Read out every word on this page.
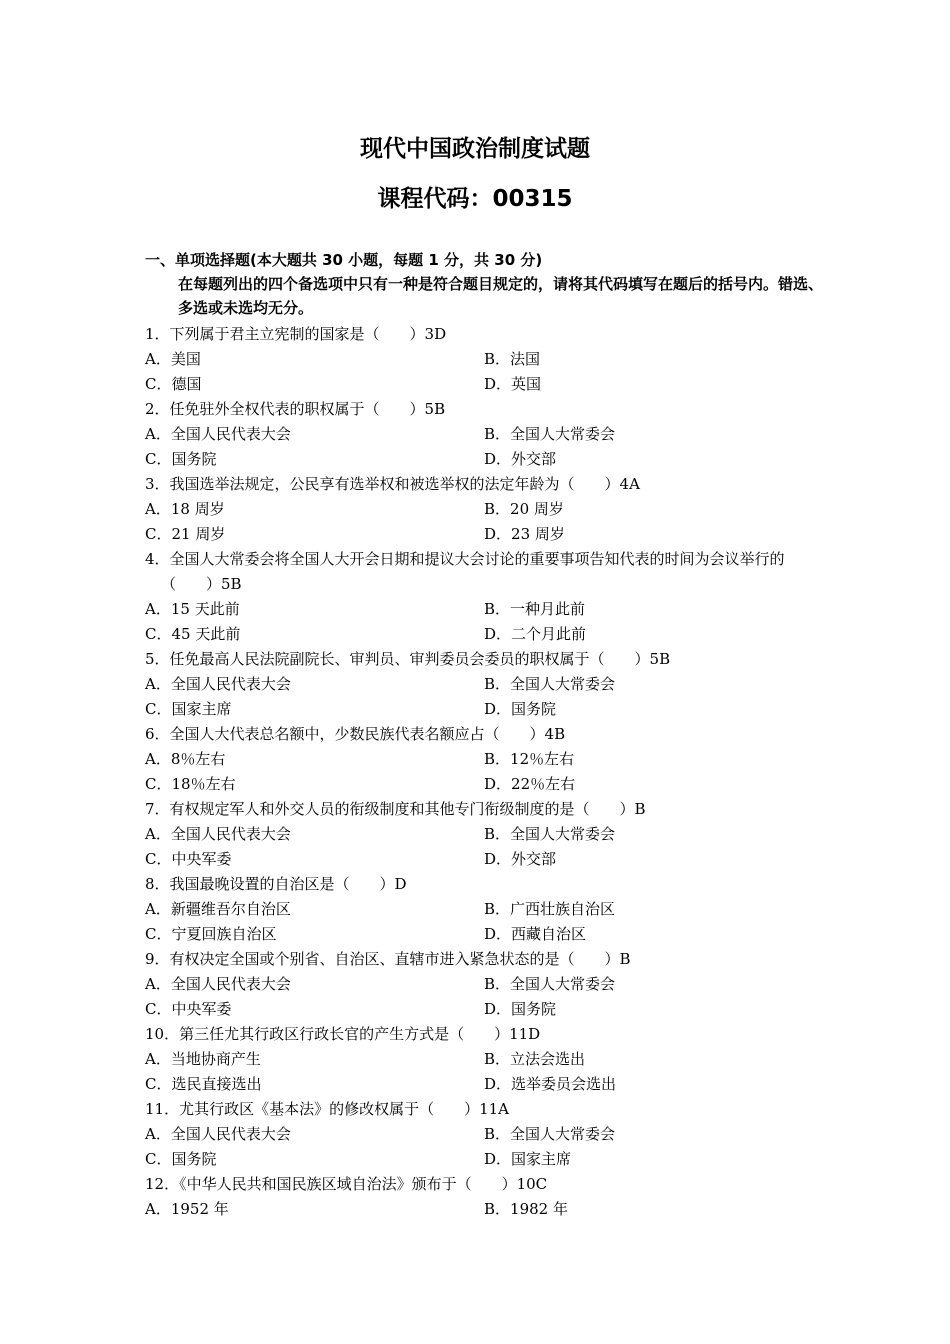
现代中国政治制度试题
课程代码：00315
一、单项选择题(本大题共 30 小题，每题 1 分，共 30 分)
在每题列出的四个备选项中只有一种是符合题目规定的，请将其代码填写在题后的括号内。错选、多选或未选均无分。
1．下列属于君主立宪制的国家是（　　）3D
A．美国	B．法国
C．德国	D．英国
2．任免驻外全权代表的职权属于（　　）5B
A．全国人民代表大会	B．全国人大常委会
C．国务院	D．外交部
3．我国选举法规定，公民享有选举权和被选举权的法定年龄为（　　）4A
A．18 周岁	B．20 周岁
C．21 周岁	D．23 周岁
4．全国人大常委会将全国人大开会日期和提议大会讨论的重要事项告知代表的时间为会议举行的（　　）5B
A．15 天此前	B．一种月此前
C．45 天此前	D．二个月此前
5．任免最高人民法院副院长、审判员、审判委员会委员的职权属于（　　）5B
A．全国人民代表大会	B．全国人大常委会
C．国家主席	D．国务院
6．全国人大代表总名额中，少数民族代表名额应占（　　）4B
A．8％左右	B．12％左右
C．18％左右	D．22％左右
7．有权规定军人和外交人员的衔级制度和其他专门衔级制度的是（　　）B
A．全国人民代表大会	B．全国人大常委会
C．中央军委	D．外交部
8．我国最晚设置的自治区是（　　）D
A．新疆维吾尔自治区	B．广西壮族自治区
C．宁夏回族自治区	D．西藏自治区
9．有权决定全国或个别省、自治区、直辖市进入紧急状态的是（　　）B
A．全国人民代表大会	B．全国人大常委会
C．中央军委	D．国务院
10．第三任尤其行政区行政长官的产生方式是（　　）11D
A．当地协商产生	B．立法会选出
C．选民直接选出	D．选举委员会选出
11．尤其行政区《基本法》的修改权属于（　　）11A
A．全国人民代表大会	B．全国人大常委会
C．国务院	D．国家主席
12．《中华人民共和国民族区域自治法》颁布于（　　）10C
A．1952 年	B．1982 年
